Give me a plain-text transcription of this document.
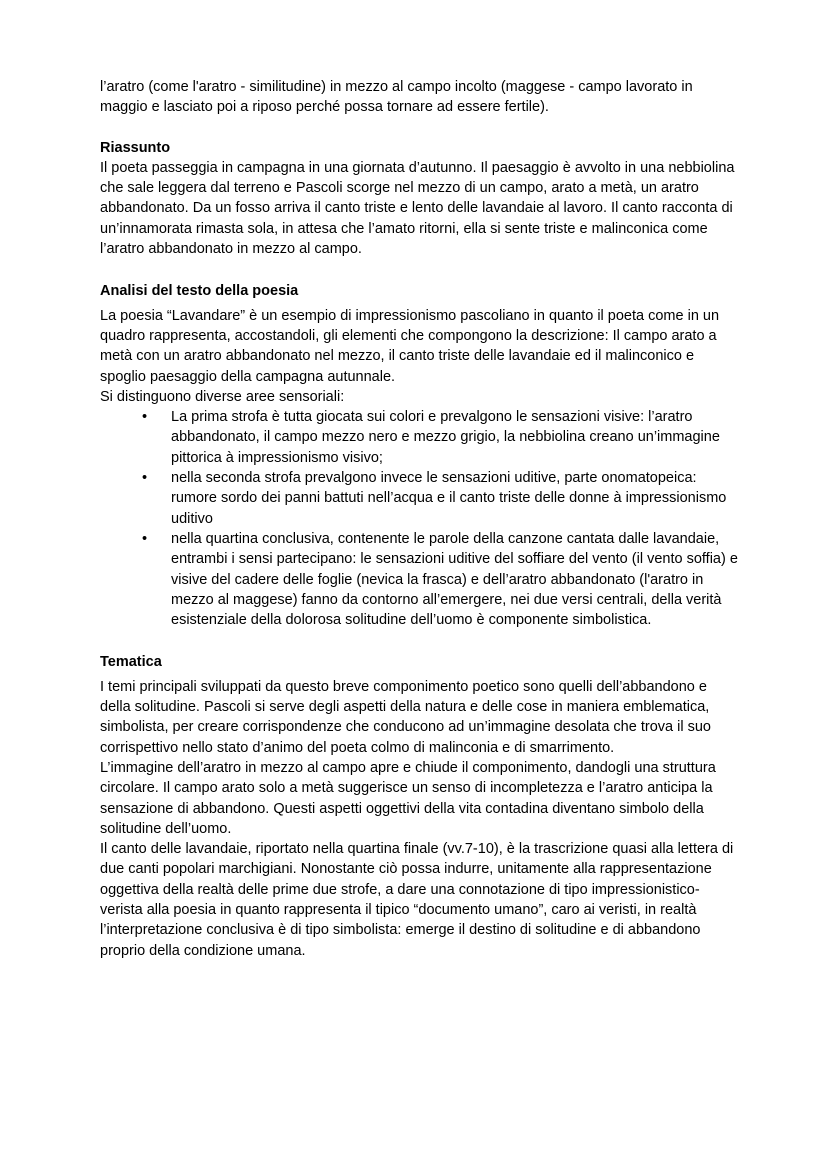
l’aratro (come l'aratro - similitudine) in mezzo al campo incolto (maggese - campo lavorato in maggio e lasciato poi a riposo perché possa tornare ad essere fertile).

Riassunto

Il poeta passeggia in campagna in una giornata d’autunno. Il paesaggio è avvolto in una nebbiolina che sale leggera dal terreno e Pascoli scorge nel mezzo di un campo, arato a metà, un aratro abbandonato. Da un fosso arriva il canto triste e lento delle lavandaie al lavoro. Il canto racconta di un’innamorata rimasta sola, in attesa che l’amato ritorni, ella si sente triste e malinconica come l’aratro abbandonato in mezzo al campo.

Analisi del testo della poesia

La poesia “Lavandare” è un esempio di impressionismo pascoliano in quanto il poeta come in un quadro rappresenta, accostandoli, gli elementi che compongono la descrizione: Il campo arato a metà con un aratro abbandonato nel mezzo, il canto triste delle lavandaie ed il malinconico e spoglio paesaggio della campagna autunnale.

Si distinguono diverse aree sensoriali:

• La prima strofa è tutta giocata sui colori e prevalgono le sensazioni visive: l’aratro abbandonato, il campo mezzo nero e mezzo grigio, la nebbiolina creano un’immagine pittorica à impressionismo visivo;
• nella seconda strofa prevalgono invece le sensazioni uditive, parte onomatopeica: rumore sordo dei panni battuti nell’acqua e il canto triste delle donne à impressionismo uditivo
• nella quartina conclusiva, contenente le parole della canzone cantata dalle lavandaie, entrambi i sensi partecipano: le sensazioni uditive del soffiare del vento (il vento soffia) e visive del cadere delle foglie (nevica la frasca) e dell’aratro abbandonato (l'aratro in mezzo al maggese) fanno da contorno all’emergere, nei due versi centrali, della verità esistenziale della dolorosa solitudine dell’uomo è componente simbolistica.
Tematica

I temi principali sviluppati da questo breve componimento poetico sono quelli dell’abbandono e della solitudine. Pascoli si serve degli aspetti della natura e delle cose in maniera emblematica, simbolista, per creare corrispondenze che conducono ad un’immagine desolata che trova il suo corrispettivo nello stato d’animo del poeta colmo di malinconia e di smarrimento.

L’immagine dell’aratro in mezzo al campo apre e chiude il componimento, dandogli una struttura circolare. Il campo arato solo a metà suggerisce un senso di incompletezza e l’aratro anticipa la sensazione di abbandono. Questi aspetti oggettivi della vita contadina diventano simbolo della solitudine dell’uomo.

Il canto delle lavandaie, riportato nella quartina finale (vv.7-10), è la trascrizione quasi alla lettera di due canti popolari marchigiani. Nonostante ciò possa indurre, unitamente alla rappresentazione oggettiva della realtà delle prime due strofe, a dare una connotazione di tipo impressionistico-verista alla poesia in quanto rappresenta il tipico “documento umano”, caro ai veristi, in realtà l’interpretazione conclusiva è di tipo simbolista: emerge il destino di solitudine e di abbandono proprio della condizione umana.
